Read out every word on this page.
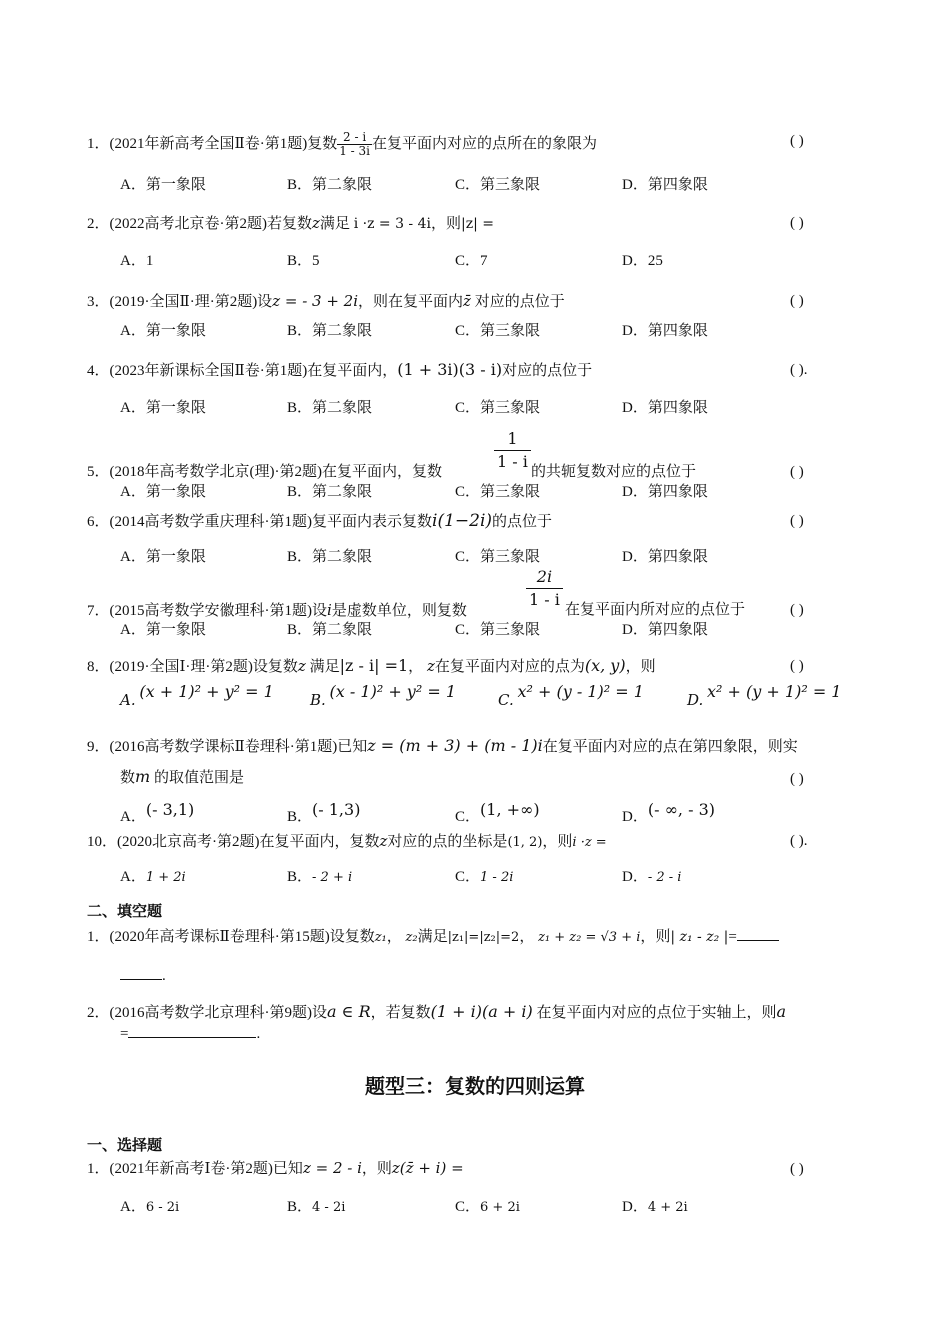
1．(2021年新高考全国Ⅱ卷·第1题)复数 $\frac{2 - i}{1 - 3i}$ 在复平面内对应的点所在的象限为	( )
A．第一象限	B．第二象限	C．第三象限	D．第四象限
2．(2022高考北京卷·第2题)若复数z满足 i ·z = 3 - 4i，则|z| =	( )
A．1	B．5	C．7	D．25
3．(2019·全国Ⅱ·理·第2题)设z = - 3 + 2i，则在复平面内z̄ 对应的点位于	( )
A．第一象限	B．第二象限	C．第三象限	D．第四象限
4．(2023年新课标全国Ⅱ卷·第1题)在复平面内，(1 + 3i)(3 - i)对应的点位于	( ).
A．第一象限	B．第二象限	C．第三象限	D．第四象限
$\frac{1}{1 - i}$
5．(2018年高考数学北京(理)·第2题)在复平面内，复数	的共轭复数对应的点位于	( )
A．第一象限	B．第二象限	C．第三象限	D．第四象限
6．(2014高考数学重庆理科·第1题)复平面内表示复数i(1−2i)的点位于	( )
A．第一象限	B．第二象限	C．第三象限	D．第四象限
$\frac{2i}{1 - i}$
7．(2015高考数学安徽理科·第1题)设i是虚数单位，则复数	在复平面内所对应的点位于	( )
A．第一象限	B．第二象限	C．第三象限	D．第四象限
8．(2019·全国Ⅰ·理·第2题)设复数z 满足|z - i| =1， z在复平面内对应的点为(x, y)，则	( )
A. (x + 1)² + y² = 1 B. (x - 1)² + y² = 1	C. x² + (y - 1)² = 1	D. x² + (y + 1)² = 1
9．(2016高考数学课标Ⅱ卷理科·第1题)已知z = (m + 3) + (m - 1)i在复平面内对应的点在第四象限，则实
数m 的取值范围是	( )
A．(- 3,1)	B．(- 1,3)	C．(1, +∞)	D．(- ∞, - 3)
10．(2020北京高考·第2题)在复平面内，复数z对应的点的坐标是(1, 2)，则i ·z =	( ).
A．1 + 2i	B．- 2 + i	C．1 - 2i	D．- 2 - i
二、填空题
1．(2020年高考课标Ⅱ卷理科·第15题)设复数z₁， z₂满足|z₁|=|z₂|=2， z₁ + z₂ = √3 + i，则| z₁ - z₂ |=
.
2．(2016高考数学北京理科·第9题)设a ∈ R，若复数(1 + i)(a + i) 在复平面内对应的点位于实轴上，则a
=	.
题型三：复数的四则运算
一、选择题
1．(2021年新高考Ⅰ卷·第2题)已知z = 2 - i，则z(z̄ + i) =	( )
A．6 - 2i	B．4 - 2i	C．6 + 2i	D．4 + 2i
